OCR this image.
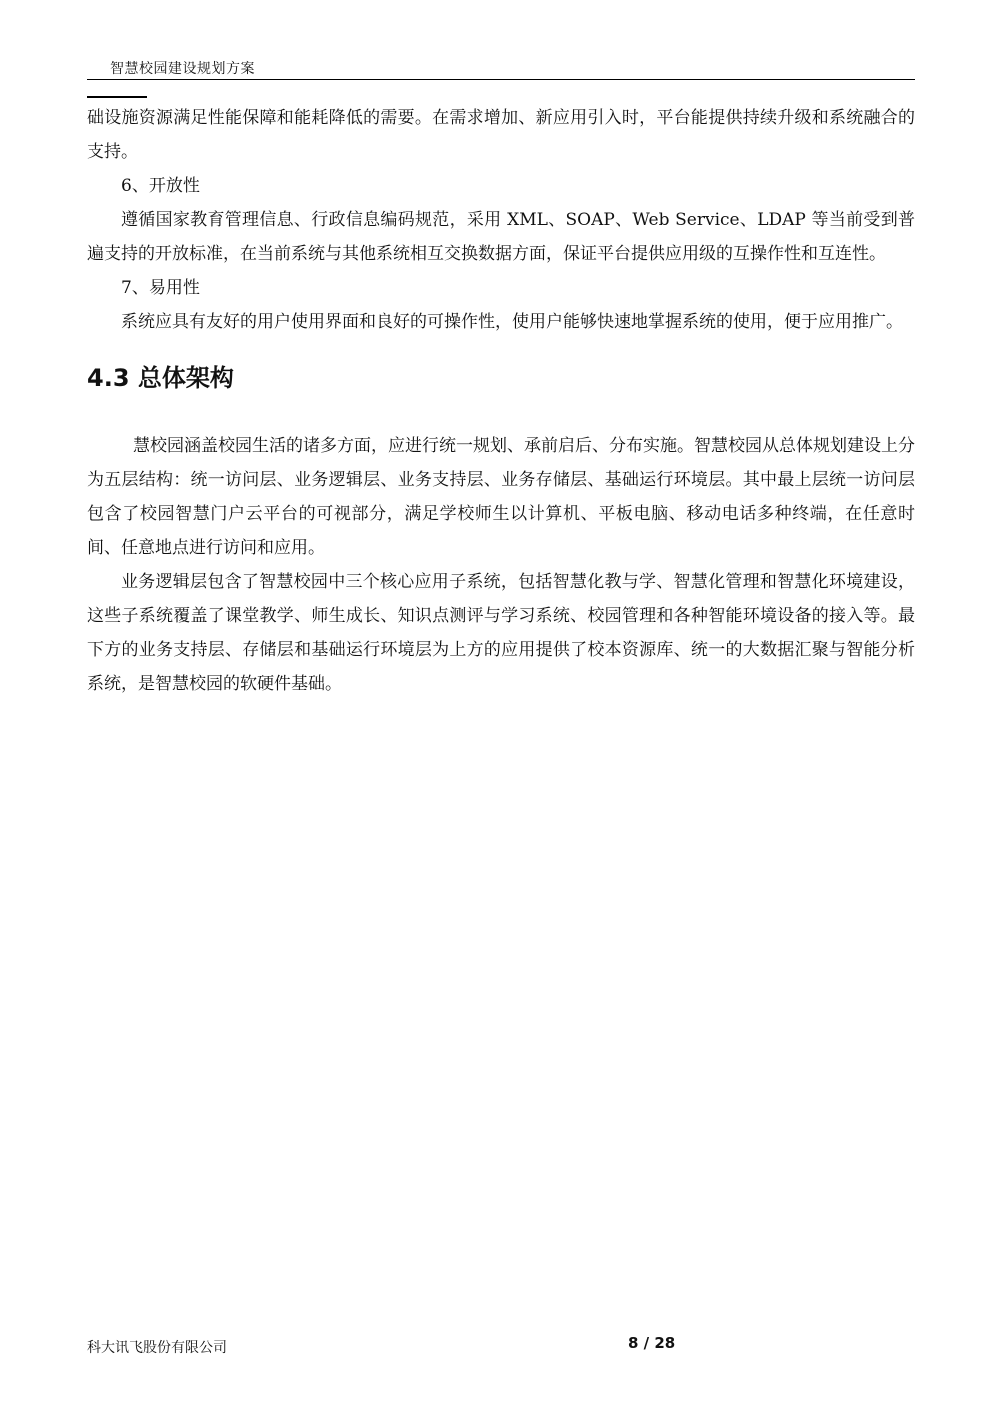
智慧校园建设规划方案

础设施资源满足性能保障和能耗降低的需要。在需求增加、新应用引入时，平台能提供持续升级和系统融合的支持。

6、开放性

遵循国家教育管理信息、行政信息编码规范，采用 XML、SOAP、Web Service、LDAP 等当前受到普遍支持的开放标准，在当前系统与其他系统相互交换数据方面，保证平台提供应用级的互操作性和互连性。

7、易用性

系统应具有友好的用户使用界面和良好的可操作性，使用户能够快速地掌握系统的使用，便于应用推广。

4.3 总体架构

慧校园涵盖校园生活的诸多方面，应进行统一规划、承前启后、分布实施。智慧校园从总体规划建设上分为五层结构：统一访问层、业务逻辑层、业务支持层、业务存储层、基础运行环境层。其中最上层统一访问层包含了校园智慧门户云平台的可视部分，满足学校师生以计算机、平板电脑、移动电话多种终端，在任意时间、任意地点进行访问和应用。

业务逻辑层包含了智慧校园中三个核心应用子系统，包括智慧化教与学、智慧化管理和智慧化环境建设，这些子系统覆盖了课堂教学、师生成长、知识点测评与学习系统、校园管理和各种智能环境设备的接入等。最下方的业务支持层、存储层和基础运行环境层为上方的应用提供了校本资源库、统一的大数据汇聚与智能分析系统，是智慧校园的软硬件基础。

科大讯飞股份有限公司	8 / 28
